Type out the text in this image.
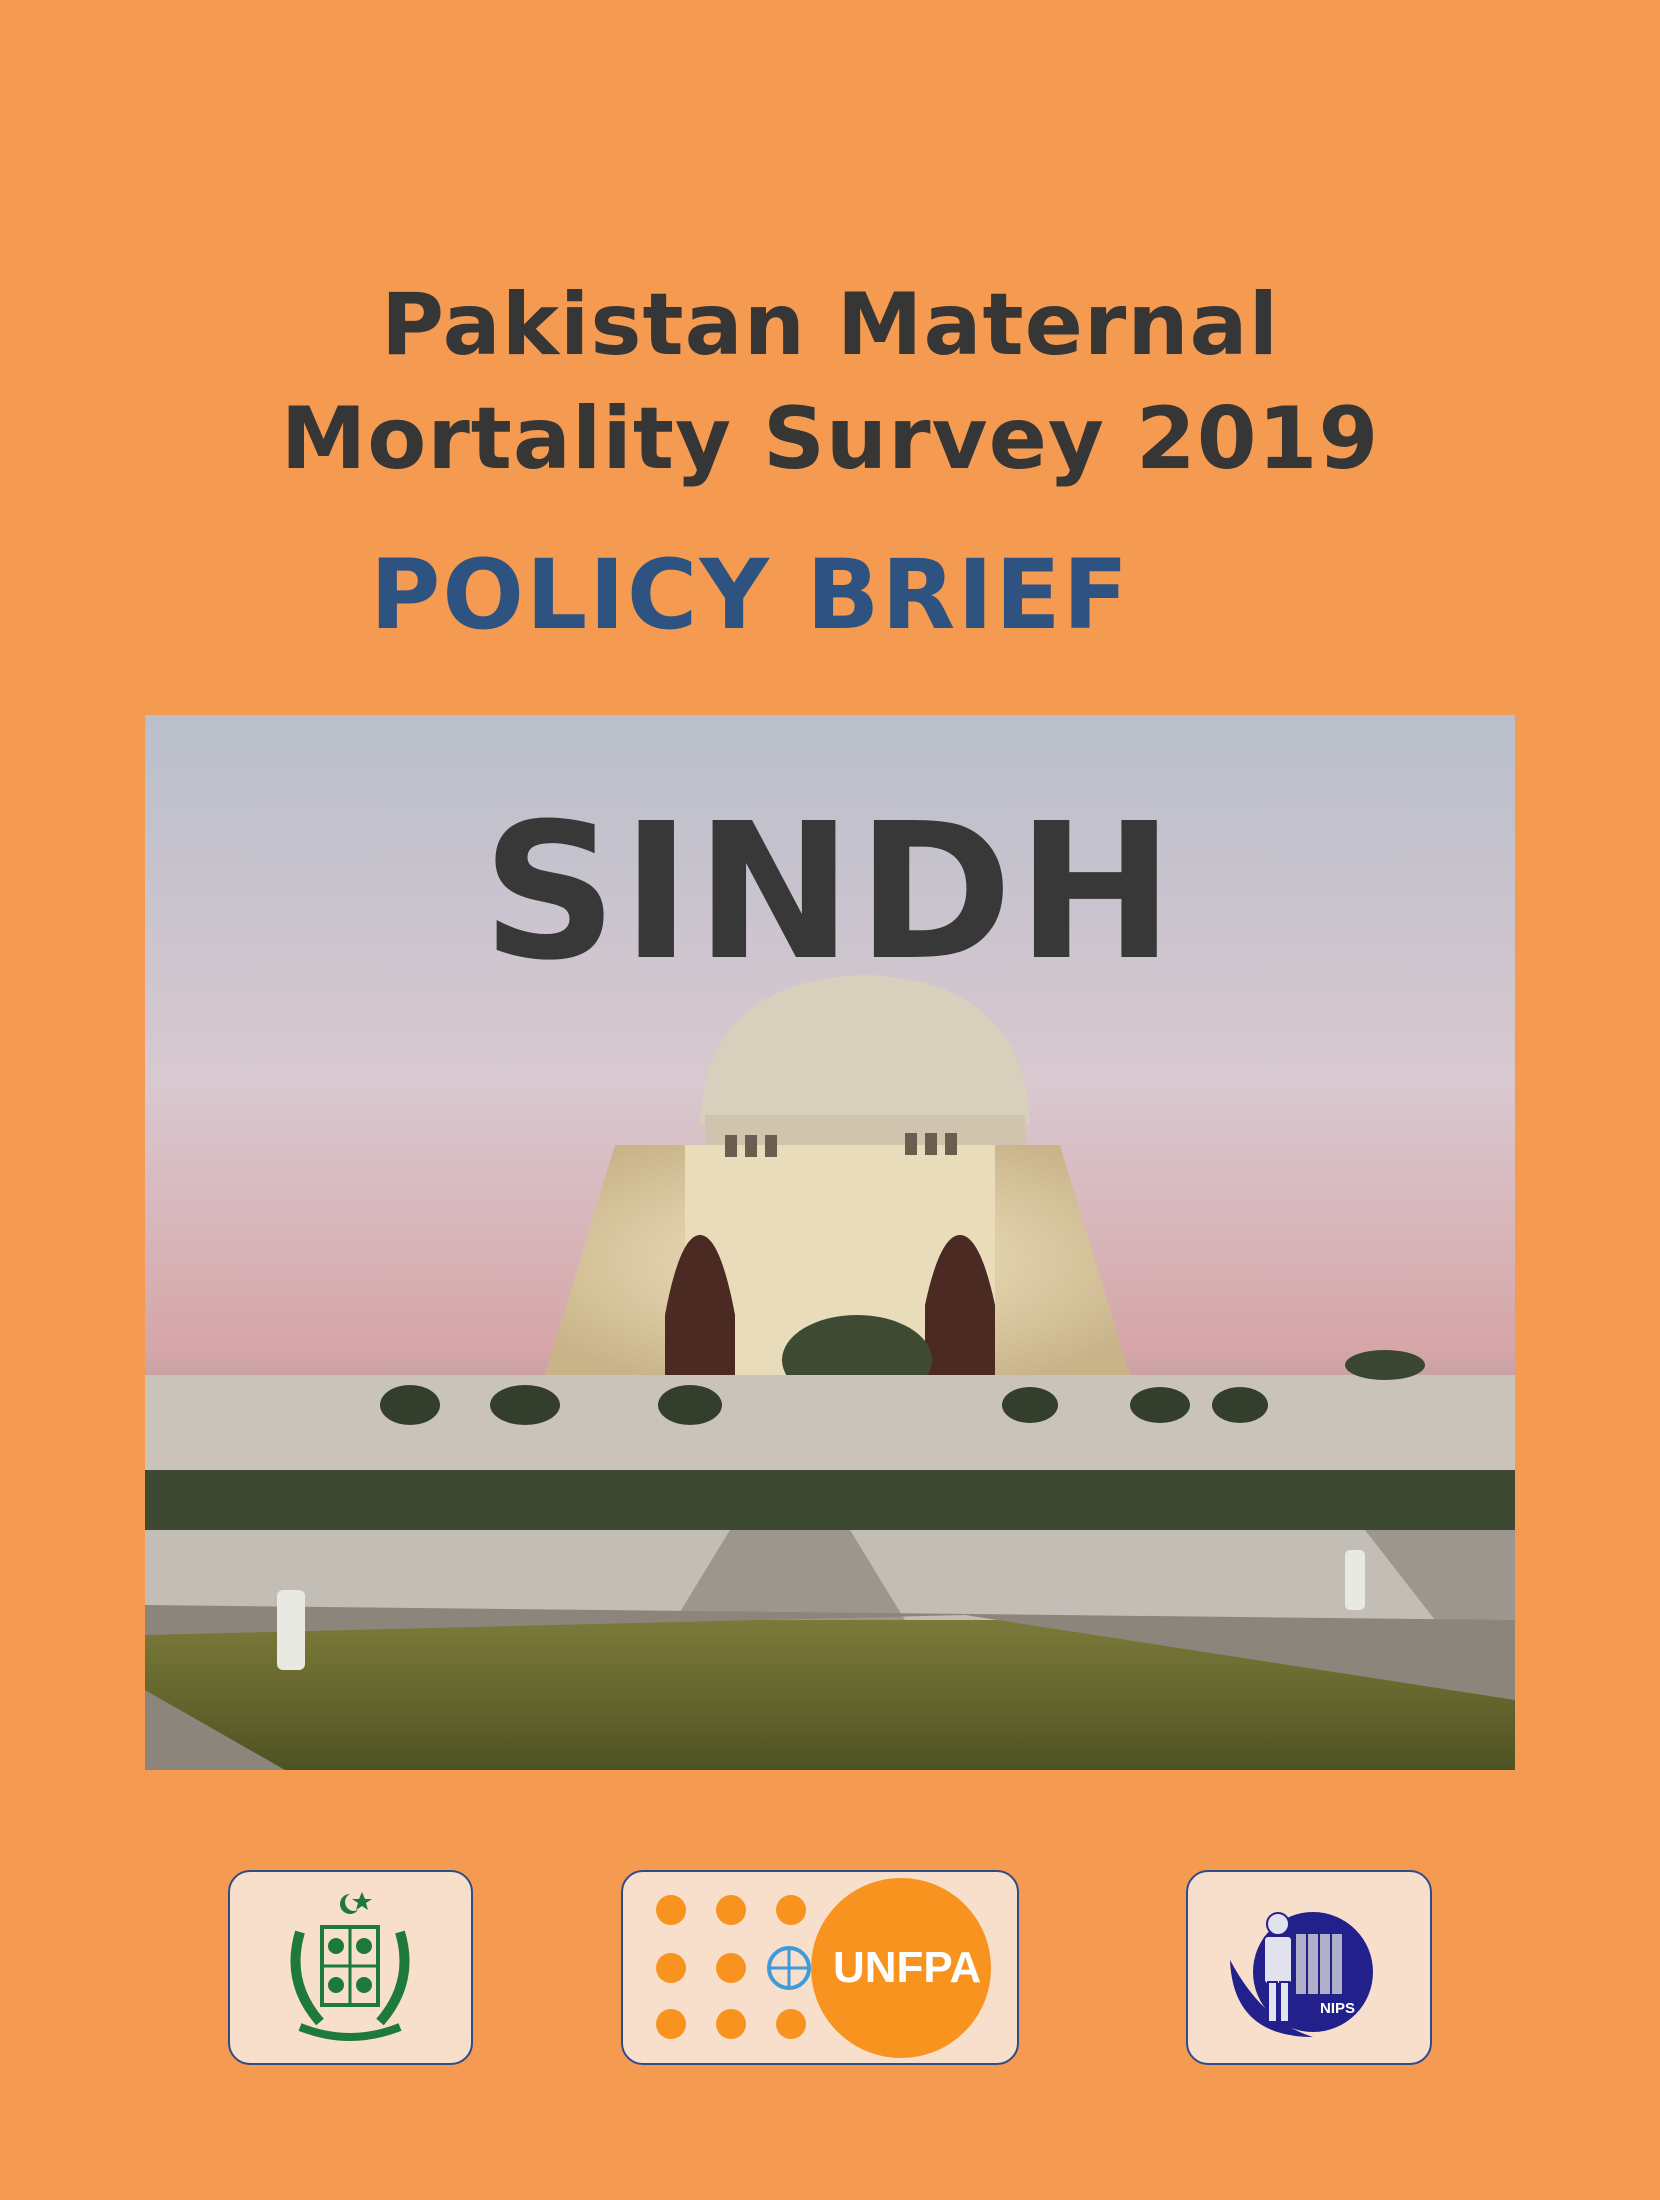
Pakistan Maternal
Mortality Survey 2019
POLICY BRIEF
SINDH
UNFPA
NIPS
